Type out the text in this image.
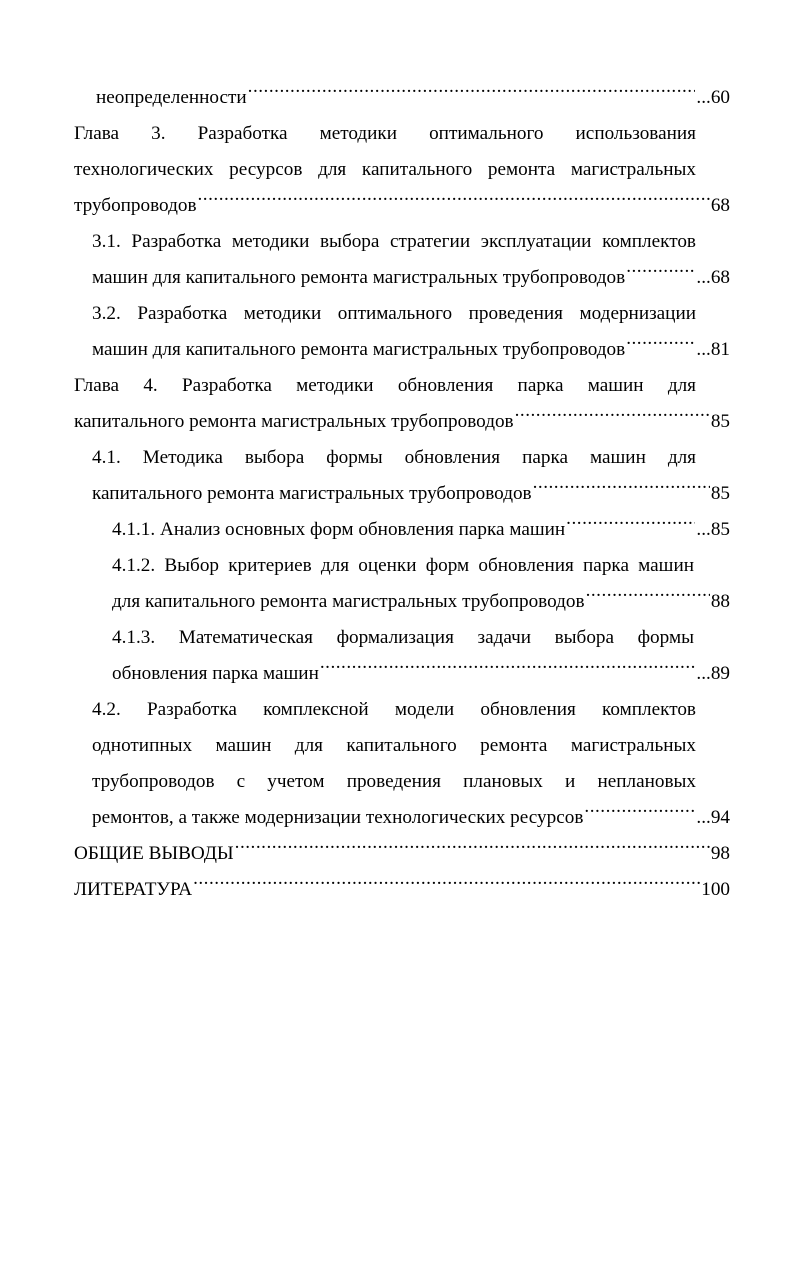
неопределенности .....	...60
Глава 3. Разработка методики оптимального использования
технологических ресурсов для капитального ремонта магистральных
трубопроводов .....	68
3.1. Разработка методики выбора стратегии эксплуатации комплектов
машин для капитального ремонта магистральных трубопроводов .....	...68
3.2. Разработка методики оптимального проведения модернизации
машин для капитального ремонта магистральных трубопроводов .....	...81
Глава 4. Разработка методики обновления парка машин для
капитального ремонта магистральных трубопроводов .....	85
4.1. Методика выбора формы обновления парка машин для
капитального ремонта магистральных трубопроводов .....	85
4.1.1. Анализ основных форм обновления парка машин .....	...85
4.1.2. Выбор критериев для оценки форм обновления парка машин
для капитального ремонта магистральных трубопроводов .....	88
4.1.3. Математическая формализация задачи выбора формы
обновления парка машин .....	...89
4.2. Разработка комплексной модели обновления комплектов
однотипных машин для капитального ремонта магистральных
трубопроводов с учетом проведения плановых и неплановых
ремонтов, а также модернизации технологических ресурсов .....	...94
ОБЩИЕ ВЫВОДЫ .....	98
ЛИТЕРАТУРА .....	100
